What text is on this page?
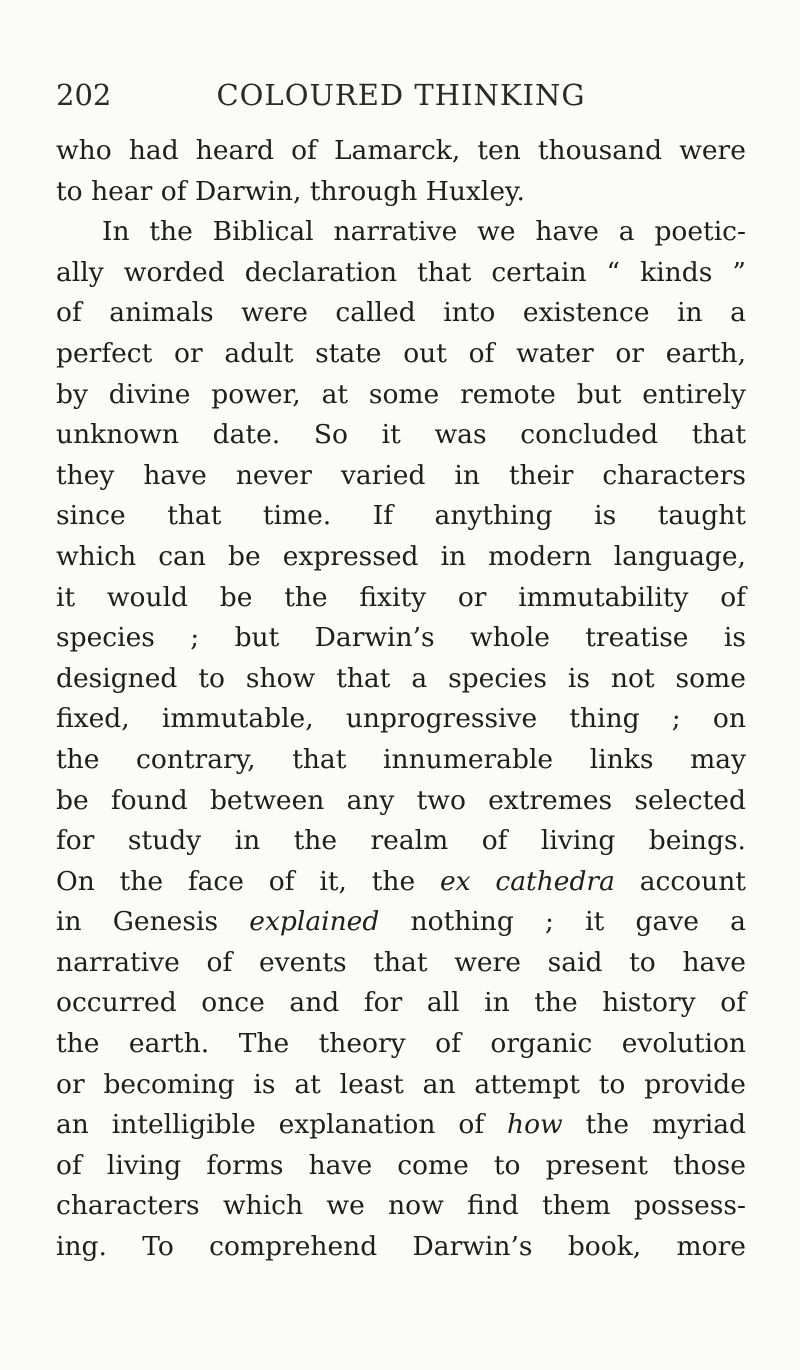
202	COLOURED THINKING
who had heard of Lamarck, ten thousand were
to hear of Darwin, through Huxley.
In the Biblical narrative we have a poetic-
ally worded declaration that certain “ kinds ”
of animals were called into existence in a
perfect or adult state out of water or earth,
by divine power, at some remote but entirely
unknown date. So it was concluded that
they have never varied in their characters
since that time. If anything is taught
which can be expressed in modern language,
it would be the fixity or immutability of
species ; but Darwin’s whole treatise is
designed to show that a species is not some
fixed, immutable, unprogressive thing ; on
the contrary, that innumerable links may
be found between any two extremes selected
for study in the realm of living beings.
On the face of it, the ex cathedra account
in Genesis explained nothing ; it gave a
narrative of events that were said to have
occurred once and for all in the history of
the earth. The theory of organic evolution
or becoming is at least an attempt to provide
an intelligible explanation of how the myriad
of living forms have come to present those
characters which we now find them possess-
ing. To comprehend Darwin’s book, more
